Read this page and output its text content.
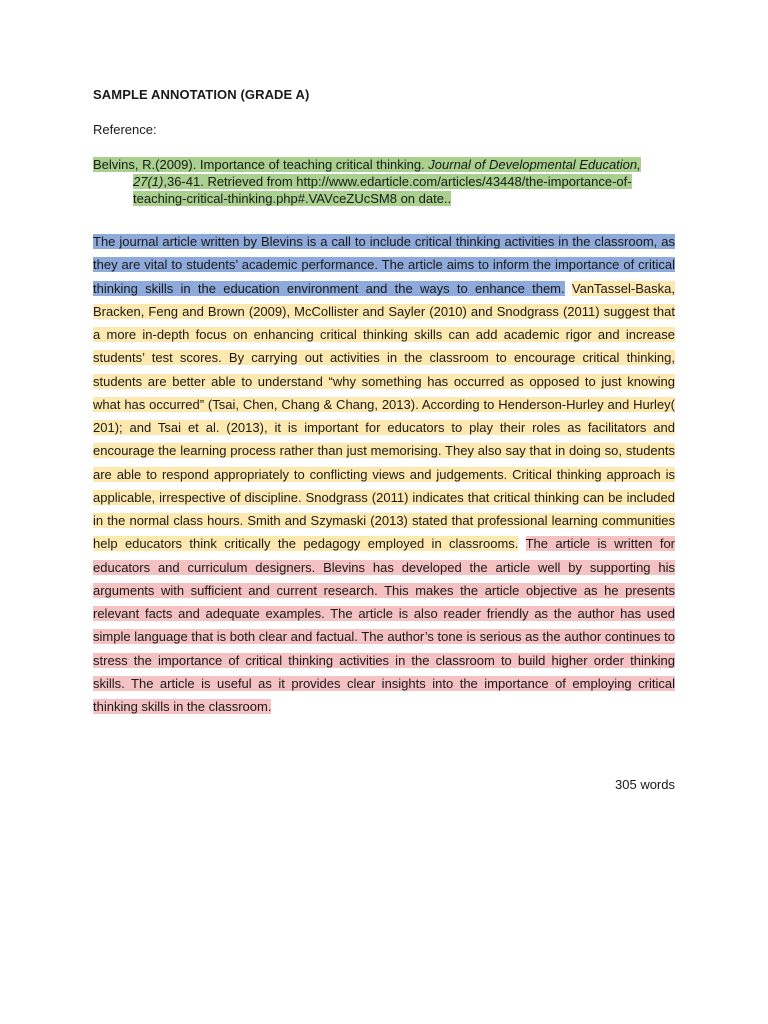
SAMPLE ANNOTATION (GRADE A)

Reference:

Belvins, R.(2009). Importance of teaching critical thinking. Journal of Developmental Education, 27(1),36-41. Retrieved from http://www.edarticle.com/articles/43448/the-importance-of-teaching-critical-thinking.php#.VAVceZUcSM8 on date..

The journal article written by Blevins is a call to include critical thinking activities in the classroom, as they are vital to students’ academic performance. The article aims to inform the importance of critical thinking skills in the education environment and the ways to enhance them. VanTassel-Baska, Bracken, Feng and Brown (2009), McCollister and Sayler (2010) and Snodgrass (2011) suggest that a more in-depth focus on enhancing critical thinking skills can add academic rigor and increase students’ test scores. By carrying out activities in the classroom to encourage critical thinking, students are better able to understand “why something has occurred as opposed to just knowing what has occurred” (Tsai, Chen, Chang & Chang, 2013). According to Henderson-Hurley and Hurley( 201); and Tsai et al. (2013), it is important for educators to play their roles as facilitators and encourage the learning process rather than just memorising. They also say that in doing so, students are able to respond appropriately to conflicting views and judgements. Critical thinking approach is applicable, irrespective of discipline. Snodgrass (2011) indicates that critical thinking can be included in the normal class hours. Smith and Szymaski (2013) stated that professional learning communities help educators think critically the pedagogy employed in classrooms. The article is written for educators and curriculum designers. Blevins has developed the article well by supporting his arguments with sufficient and current research. This makes the article objective as he presents relevant facts and adequate examples. The article is also reader friendly as the author has used simple language that is both clear and factual. The author’s tone is serious as the author continues to stress the importance of critical thinking activities in the classroom to build higher order thinking skills. The article is useful as it provides clear insights into the importance of employing critical thinking skills in the classroom.

305 words
